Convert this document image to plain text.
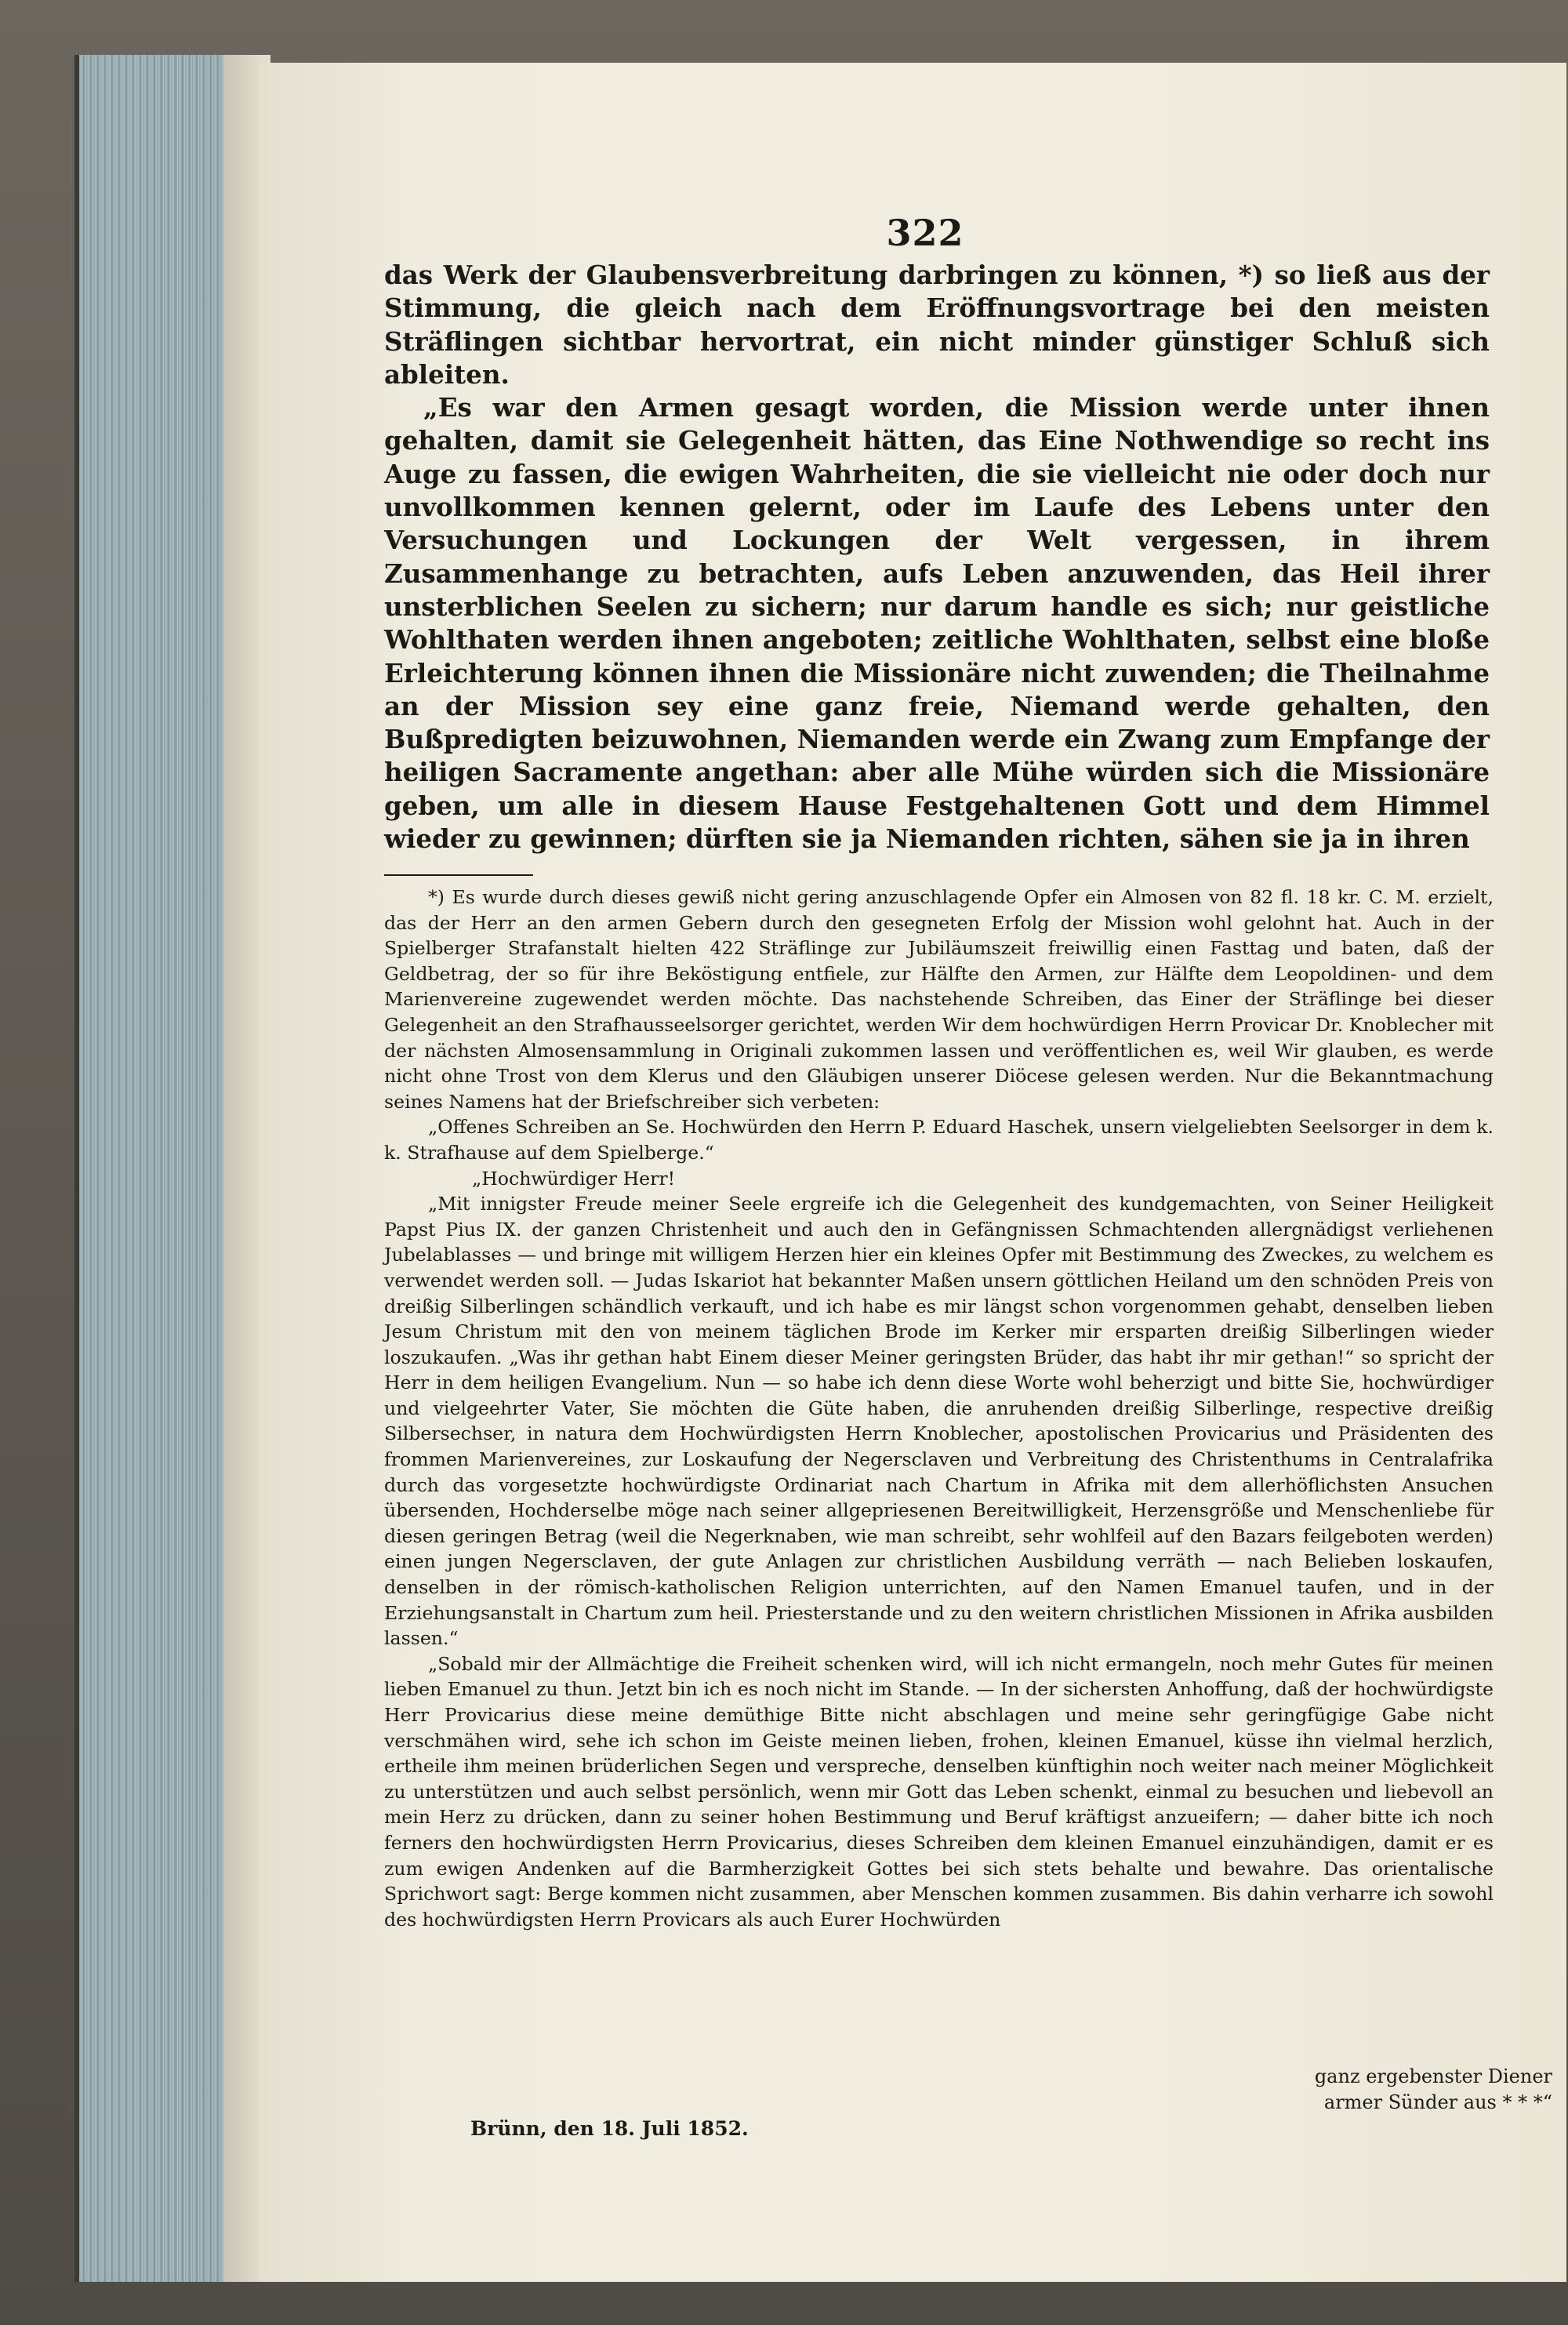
322

das Werk der Glaubensverbreitung darbringen zu können, *) so ließ aus der Stimmung, die gleich nach dem Eröffnungsvortrage bei den meisten Sträflingen sichtbar hervortrat, ein nicht minder günstiger Schluß sich ableiten.

„Es war den Armen gesagt worden, die Mission werde unter ihnen gehalten, damit sie Gelegenheit hätten, das Eine Nothwendige so recht ins Auge zu fassen, die ewigen Wahrheiten, die sie vielleicht nie oder doch nur unvollkommen kennen gelernt, oder im Laufe des Lebens unter den Versuchungen und Lockungen der Welt vergessen, in ihrem Zusammenhange zu betrachten, aufs Leben anzuwenden, das Heil ihrer unsterblichen Seelen zu sichern; nur darum handle es sich; nur geistliche Wohlthaten werden ihnen angeboten; zeitliche Wohlthaten, selbst eine bloße Erleichterung können ihnen die Missionäre nicht zuwenden; die Theilnahme an der Mission sey eine ganz freie, Niemand werde gehalten, den Bußpredigten beizuwohnen, Niemanden werde ein Zwang zum Empfange der heiligen Sacramente angethan: aber alle Mühe würden sich die Missionäre geben, um alle in diesem Hause Festgehaltenen Gott und dem Himmel wieder zu gewinnen; dürften sie ja Niemanden richten, sähen sie ja in ihren

*) Es wurde durch dieses gewiß nicht gering anzuschlagende Opfer ein Almosen von 82 fl. 18 kr. C. M. erzielt, das der Herr an den armen Gebern durch den gesegneten Erfolg der Mission wohl gelohnt hat. Auch in der Spielberger Strafanstalt hielten 422 Sträflinge zur Jubiläumszeit freiwillig einen Fasttag und baten, daß der Geldbetrag, der so für ihre Beköstigung entfiele, zur Hälfte den Armen, zur Hälfte dem Leopoldinen- und dem Marienvereine zugewendet werden möchte. Das nachstehende Schreiben, das Einer der Sträflinge bei dieser Gelegenheit an den Strafhausseelsorger gerichtet, werden Wir dem hochwürdigen Herrn Provicar Dr. Knoblecher mit der nächsten Almosensammlung in Originali zukommen lassen und veröffentlichen es, weil Wir glauben, es werde nicht ohne Trost von dem Klerus und den Gläubigen unserer Diöcese gelesen werden. Nur die Bekanntmachung seines Namens hat der Briefschreiber sich verbeten:

„Offenes Schreiben an Se. Hochwürden den Herrn P. Eduard Haschek, unsern vielgeliebten Seelsorger in dem k. k. Strafhause auf dem Spielberge.“

„Hochwürdiger Herr!

„Mit innigster Freude meiner Seele ergreife ich die Gelegenheit des kundgemachten, von Seiner Heiligkeit Papst Pius IX. der ganzen Christenheit und auch den in Gefängnissen Schmachtenden allergnädigst verliehenen Jubelablasses — und bringe mit willigem Herzen hier ein kleines Opfer mit Bestimmung des Zweckes, zu welchem es verwendet werden soll. — Judas Iskariot hat bekannter Maßen unsern göttlichen Heiland um den schnöden Preis von dreißig Silberlingen schändlich verkauft, und ich habe es mir längst schon vorgenommen gehabt, denselben lieben Jesum Christum mit den von meinem täglichen Brode im Kerker mir ersparten dreißig Silberlingen wieder loszukaufen. „Was ihr gethan habt Einem dieser Meiner geringsten Brüder, das habt ihr mir gethan!“ so spricht der Herr in dem heiligen Evangelium. Nun — so habe ich denn diese Worte wohl beherzigt und bitte Sie, hochwürdiger und vielgeehrter Vater, Sie möchten die Güte haben, die anruhenden dreißig Silberlinge, respective dreißig Silbersechser, in natura dem Hochwürdigsten Herrn Knoblecher, apostolischen Provicarius und Präsidenten des frommen Marienvereines, zur Loskaufung der Negersclaven und Verbreitung des Christenthums in Centralafrika durch das vorgesetzte hochwürdigste Ordinariat nach Chartum in Afrika mit dem allerhöflichsten Ansuchen übersenden, Hochderselbe möge nach seiner allgepriesenen Bereitwilligkeit, Herzensgröße und Menschenliebe für diesen geringen Betrag (weil die Negerknaben, wie man schreibt, sehr wohlfeil auf den Bazars feilgeboten werden) einen jungen Negersclaven, der gute Anlagen zur christlichen Ausbildung verräth — nach Belieben loskaufen, denselben in der römisch-katholischen Religion unterrichten, auf den Namen Emanuel taufen, und in der Erziehungsanstalt in Chartum zum heil. Priesterstande und zu den weitern christlichen Missionen in Afrika ausbilden lassen.“

„Sobald mir der Allmächtige die Freiheit schenken wird, will ich nicht ermangeln, noch mehr Gutes für meinen lieben Emanuel zu thun. Jetzt bin ich es noch nicht im Stande. — In der sichersten Anhoffung, daß der hochwürdigste Herr Provicarius diese meine demüthige Bitte nicht abschlagen und meine sehr geringfügige Gabe nicht verschmähen wird, sehe ich schon im Geiste meinen lieben, frohen, kleinen Emanuel, küsse ihn vielmal herzlich, ertheile ihm meinen brüderlichen Segen und verspreche, denselben künftighin noch weiter nach meiner Möglichkeit zu unterstützen und auch selbst persönlich, wenn mir Gott das Leben schenkt, einmal zu besuchen und liebevoll an mein Herz zu drücken, dann zu seiner hohen Bestimmung und Beruf kräftigst anzueifern; — daher bitte ich noch ferners den hochwürdigsten Herrn Provicarius, dieses Schreiben dem kleinen Emanuel einzuhändigen, damit er es zum ewigen Andenken auf die Barmherzigkeit Gottes bei sich stets behalte und bewahre. Das orientalische Sprichwort sagt: Berge kommen nicht zusammen, aber Menschen kommen zusammen. Bis dahin verharre ich sowohl des hochwürdigsten Herrn Provicars als auch Eurer Hochwürden

ganz ergebenster Diener
armer Sünder aus * * *“
Brünn, den 18. Juli 1852.
